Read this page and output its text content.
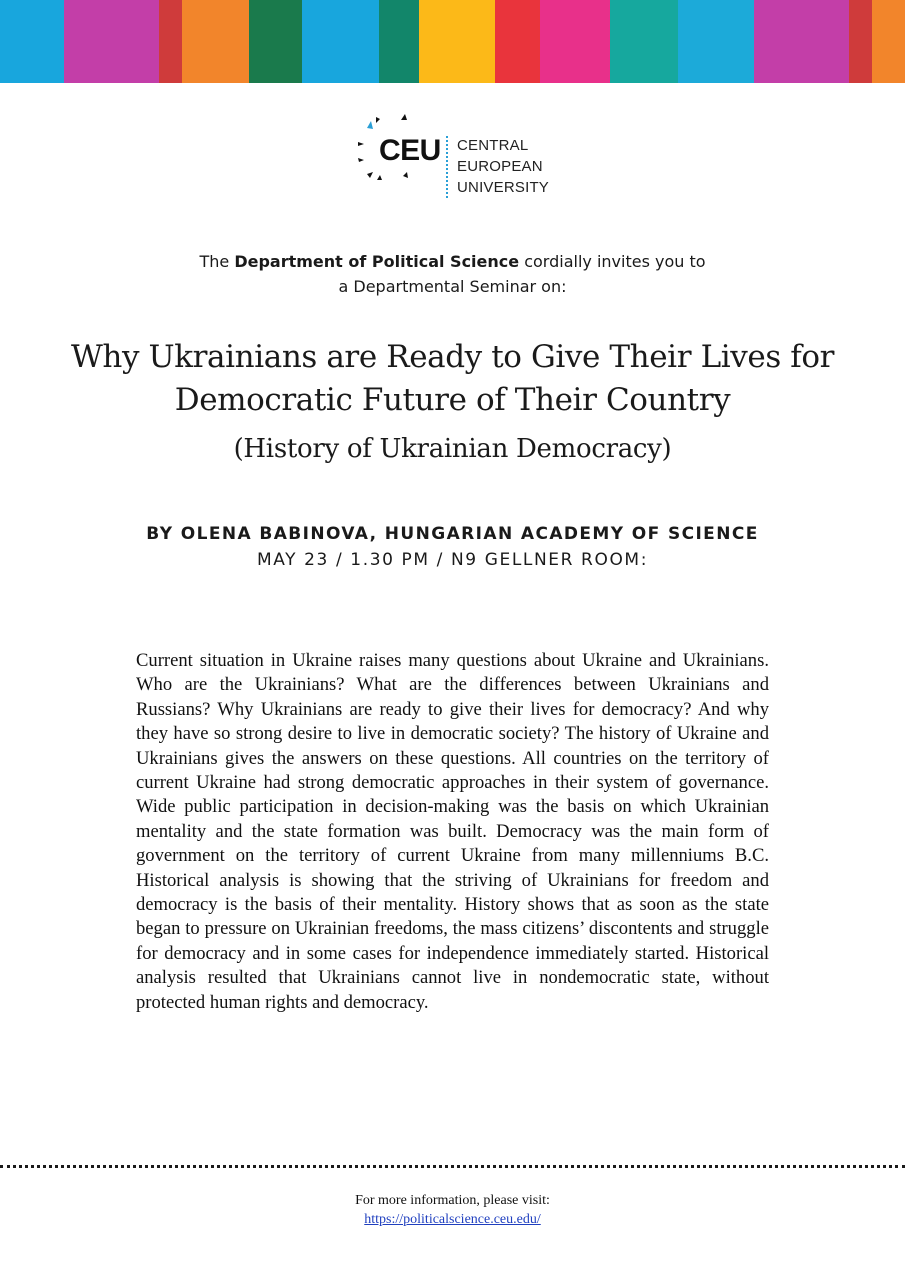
CEU CENTRAL
EUROPEAN
UNIVERSITY
The Department of Political Science cordially invites you to
a Departmental Seminar on:
Why Ukrainians are Ready to Give Their Lives for
Democratic Future of Their Country
(History of Ukrainian Democracy)
BY OLENA BABINOVA, HUNGARIAN ACADEMY OF SCIENCE
MAY 23 / 1.30 PM / N9 GELLNER ROOM:

Current situation in Ukraine raises many questions about Ukraine and Ukrainians. Who are the Ukrainians? What are the differences between Ukrainians and Russians? Why Ukrainians are ready to give their lives for democracy? And why they have so strong desire to live in democratic society? The history of Ukraine and Ukrainians gives the answers on these questions. All countries on the territory of current Ukraine had strong democratic approaches in their system of governance. Wide public participation in decision-making was the basis on which Ukrainian mentality and the state formation was built. Democracy was the main form of government on the territory of current Ukraine from many millenniums B.C. Historical analysis is showing that the striving of Ukrainians for freedom and democracy is the basis of their mentality. History shows that as soon as the state began to pressure on Ukrainian freedoms, the mass citizens’ discontents and struggle for democracy and in some cases for independence immediately started. Historical analysis resulted that Ukrainians cannot live in nondemocratic state, without protected human rights and democracy.

For more information, please visit:
https://politicalscience.ceu.edu/
